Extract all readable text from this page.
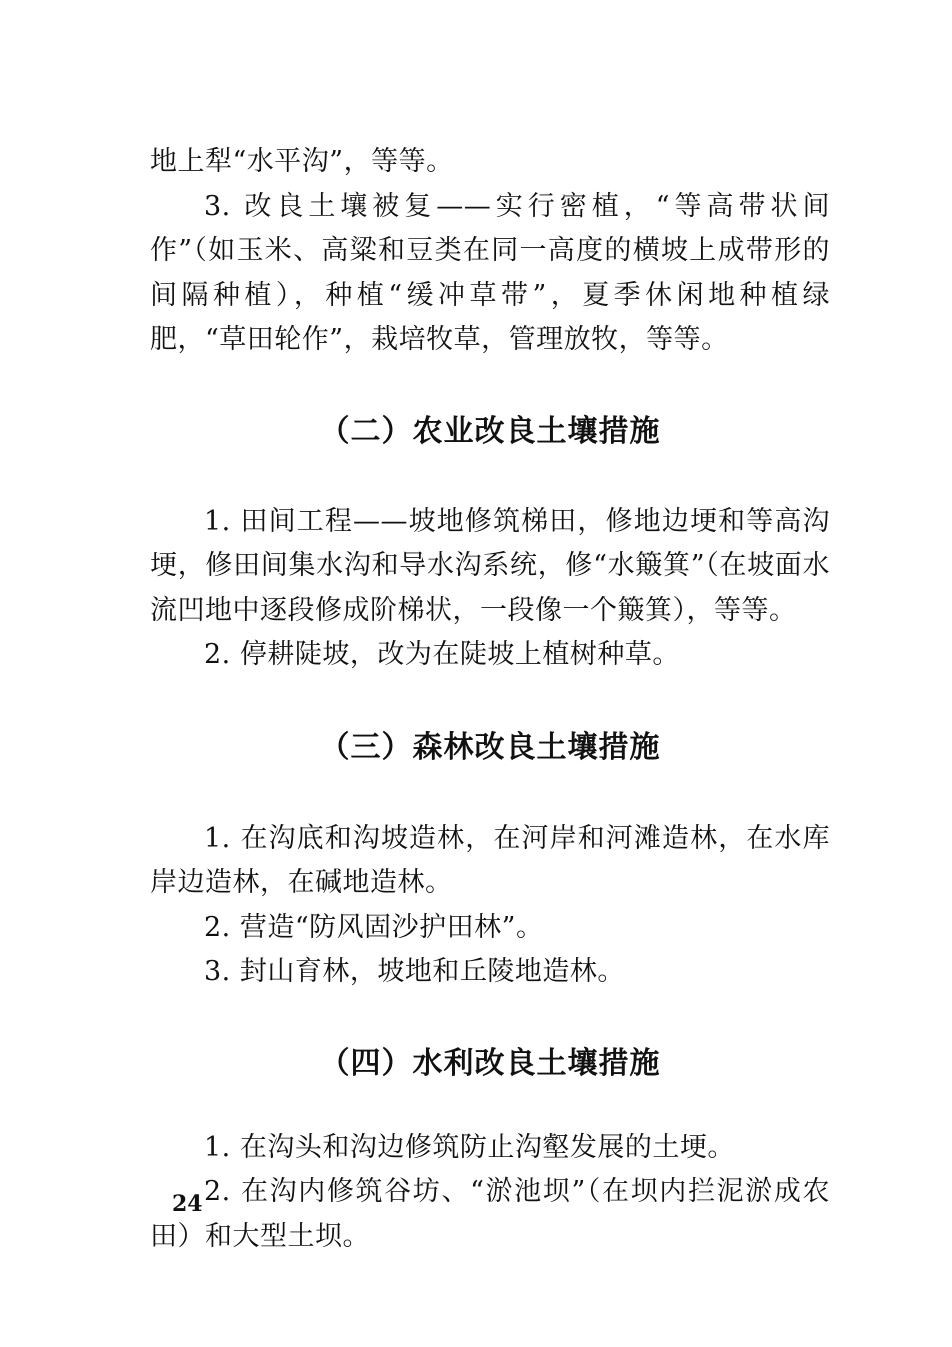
地上犁“水平沟”，等等。

3. 改良土壤被复——实行密植，“等高带状间作”（如玉米、高粱和豆类在同一高度的横坡上成带形的间隔种植），种植“缓冲草带”，夏季休闲地种植绿肥，“草田轮作”，栽培牧草，管理放牧，等等。

（二）农业改良土壤措施

1. 田间工程——坡地修筑梯田，修地边埂和等高沟埂，修田间集水沟和导水沟系统，修“水簸箕”（在坡面水流凹地中逐段修成阶梯状，一段像一个簸箕），等等。

2. 停耕陡坡，改为在陡坡上植树种草。

（三）森林改良土壤措施

1. 在沟底和沟坡造林，在河岸和河滩造林，在水库岸边造林，在碱地造林。

2. 营造“防风固沙护田林”。

3. 封山育林，坡地和丘陵地造林。

（四）水利改良土壤措施

1. 在沟头和沟边修筑防止沟壑发展的土埂。

2. 在沟内修筑谷坊、“淤池坝”（在坝内拦泥淤成农田）和大型土坝。

24
